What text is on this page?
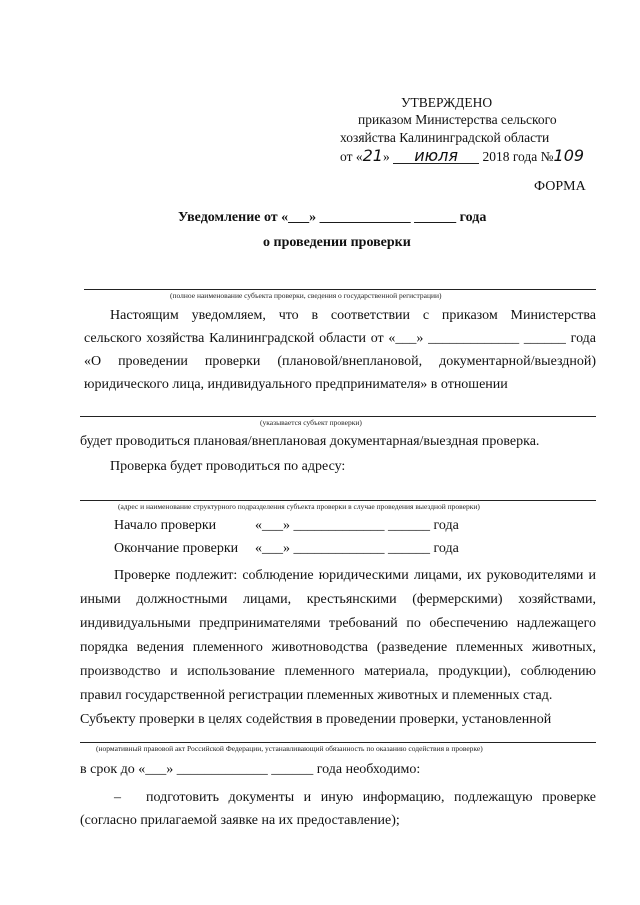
УТВЕРЖДЕНО
приказом Министерства сельского
хозяйства Калининградской области
от «21» июля 2018 года №109
ФОРМА
Уведомление от «___» _____________ ______ года
о проведении проверки
(полное наименование субъекта проверки, сведения о государственной регистрации)
Настоящим уведомляем, что в соответствии с приказом Министерства
сельского хозяйства Калининградской области от «___» _____________ ______ года
«О проведении проверки (плановой/внеплановой, документарной/выездной)
юридического лица, индивидуального предпринимателя» в отношении
(указывается субъект проверки)
будет проводиться плановая/внеплановая документарная/выездная проверка.
Проверка будет проводиться по адресу:
(адрес и наименование структурного подразделения субъекта проверки в случае проведения выездной проверки)
Начало проверки	«___» _____________ ______ года
Окончание проверки «___» _____________ ______ года
Проверке подлежит: соблюдение юридическими лицами, их руководителями и
иными должностными лицами, крестьянскими (фермерскими) хозяйствами,
индивидуальными предпринимателями требований по обеспечению надлежащего
порядка ведения племенного животноводства (разведение племенных животных,
производство и использование племенного материала, продукции), соблюдению
правил государственной регистрации племенных животных и племенных стад.
Субъекту проверки в целях содействия в проведении проверки, установленной
(нормативный правовой акт Российской Федерации, устанавливающий обязанность по оказанию содействия в проверке)
в срок до «___» _____________ ______ года необходимо:
– подготовить документы и иную информацию, подлежащую проверке
(согласно прилагаемой заявке на их предоставление);
